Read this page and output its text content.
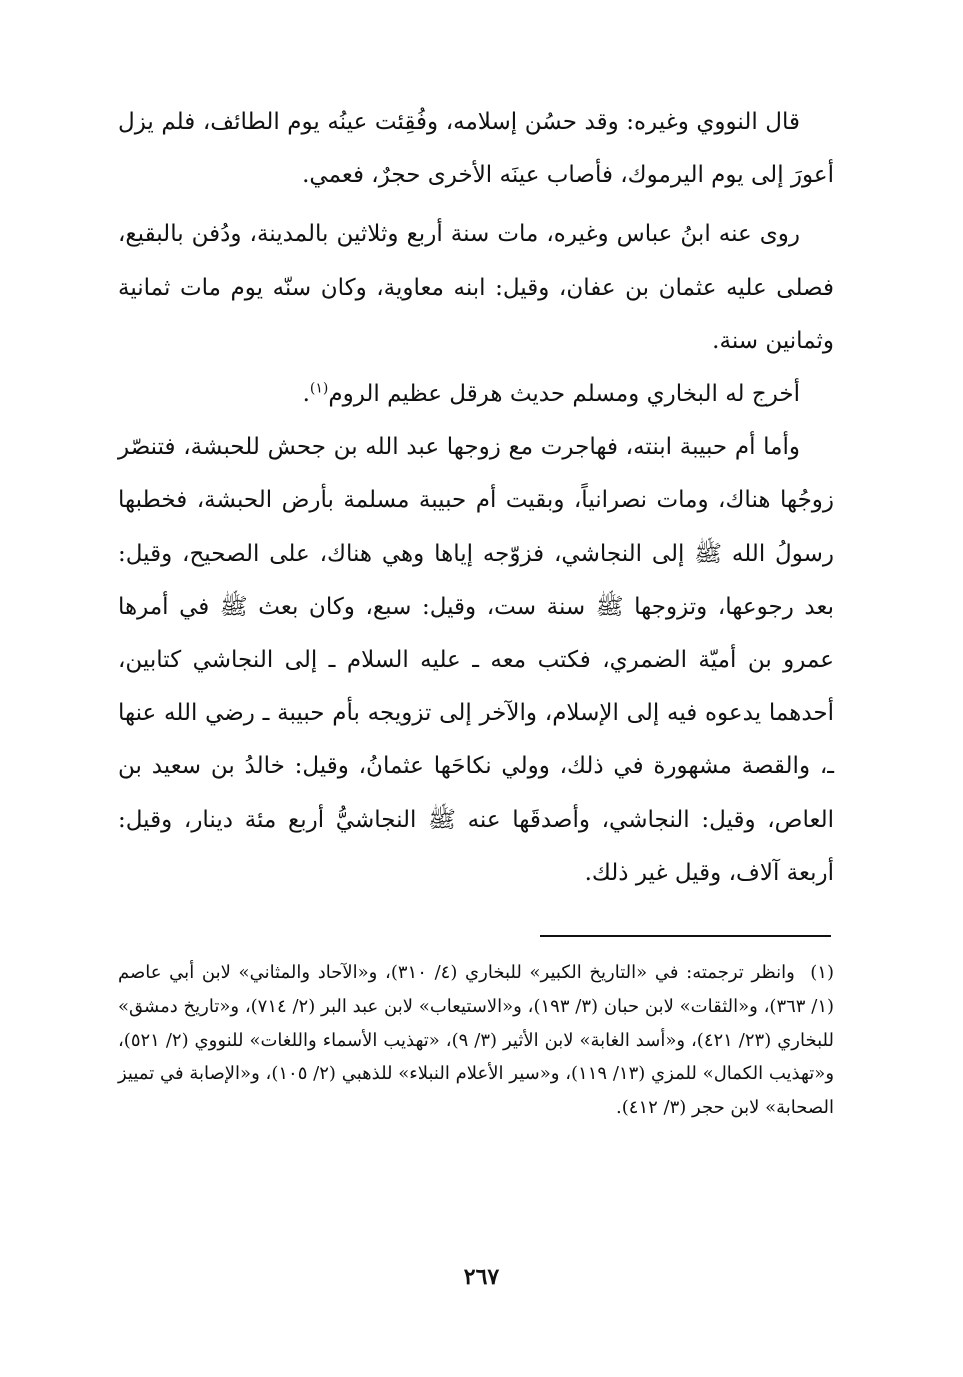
قال النووي وغيره: وقد حسُن إسلامه، وفُقِئت عينُه يوم الطائف، فلم يزل أعورَ إلى يوم اليرموك، فأصاب عينَه الأخرى حجرٌ، فعمي.

روى عنه ابنُ عباس وغيره، مات سنة أربع وثلاثين بالمدينة، ودُفن بالبقيع، فصلى عليه عثمان بن عفان، وقيل: ابنه معاوية، وكان سنّه يوم مات ثمانية وثمانين سنة.

أخرج له البخاري ومسلم حديث هرقل عظيم الروم$^{(١)}$.

وأما أم حبيبة ابنته، فهاجرت مع زوجها عبد الله بن جحش للحبشة، فتنصّر زوجُها هناك، ومات نصرانياً، وبقيت أم حبيبة مسلمة بأرض الحبشة، فخطبها رسولُ الله ﷺ إلى النجاشي، فزوّجه إياها وهي هناك، على الصحيح، وقيل: بعد رجوعها، وتزوجها ﷺ سنة ست، وقيل: سبع، وكان بعث ﷺ في أمرها عمرو بن أميّة الضمري، فكتب معه ـ عليه السلام ـ إلى النجاشي كتابين، أحدهما يدعوه فيه إلى الإسلام، والآخر إلى تزويجه بأم حبيبة ـ رضي الله عنها ـ، والقصة مشهورة في ذلك، وولي نكاحَها عثمانُ، وقيل: خالدُ بن سعيد بن العاص، وقيل: النجاشي، وأصدقَها عنه ﷺ النجاشيُّ أربع مئة دينار، وقيل: أربعة آلاف، وقيل غير ذلك.

(١)  وانظر ترجمته: في «التاريخ الكبير» للبخاري (٤/ ٣١٠)، و«الآحاد والمثاني» لابن أبي عاصم (١/ ٣٦٣)، و«الثقات» لابن حبان (٣/ ١٩٣)، و«الاستيعاب» لابن عبد البر (٢/ ٧١٤)، و«تاريخ دمشق» للبخاري (٢٣/ ٤٢١)، و«أسد الغابة» لابن الأثير (٣/ ٩)، «تهذيب الأسماء واللغات» للنووي (٢/ ٥٢١)، و«تهذيب الكمال» للمزي (١٣/ ١١٩)، و«سير الأعلام النبلاء» للذهبي (٢/ ١٠٥)، و«الإصابة في تمييز الصحابة» لابن حجر (٣/ ٤١٢).

٢٦٧
